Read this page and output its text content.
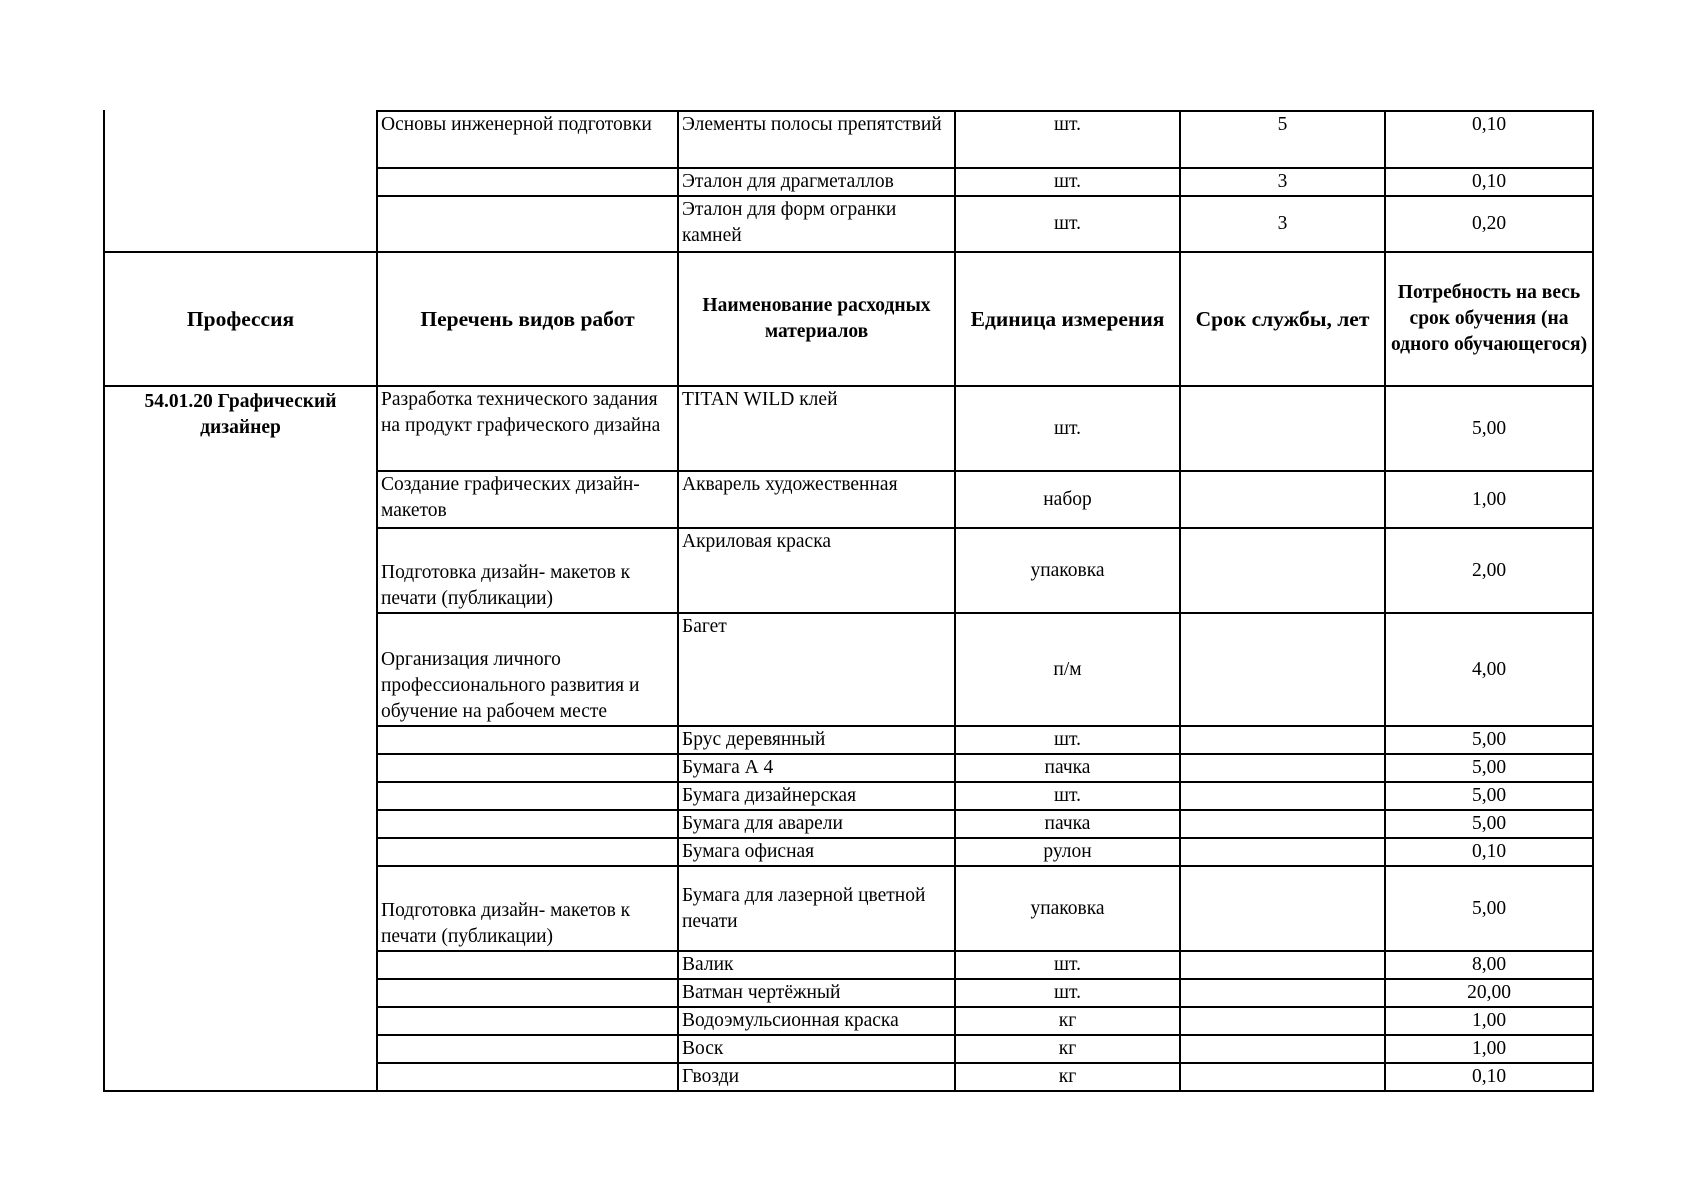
	Основы инженерной подготовки	Элементы полосы препятствий	шт.	5	0,10
		Эталон для драгметаллов	шт.	3	0,10
		Эталон для форм огранки камней	шт.	3	0,20
Профессия	Перечень видов работ	Наименование расходных материалов	Единица измерения	Срок службы, лет	Потребность на весь срок обучения (на одного обучающегося)
54.01.20 Графический дизайнер	Разработка технического задания на продукт графического дизайна	TITAN WILD клей	шт.		5,00
	Создание графических дизайн-макетов	Акварель художественная	набор		1,00
	Подготовка дизайн- макетов к печати (публикации)	Акриловая краска	упаковка		2,00
	Организация личного профессионального развития и обучение на рабочем месте	Багет	п/м		4,00
		Брус деревянный	шт.		5,00
		Бумага А 4	пачка		5,00
		Бумага дизайнерская	шт.		5,00
		Бумага для аварели	пачка		5,00
		Бумага офисная	рулон		0,10
	Подготовка дизайн- макетов к печати (публикации)	Бумага для лазерной цветной печати	упаковка		5,00
		Валик	шт.		8,00
		Ватман чертёжный	шт.		20,00
		Водоэмульсионная краска	кг		1,00
		Воск	кг		1,00
		Гвозди	кг		0,10
